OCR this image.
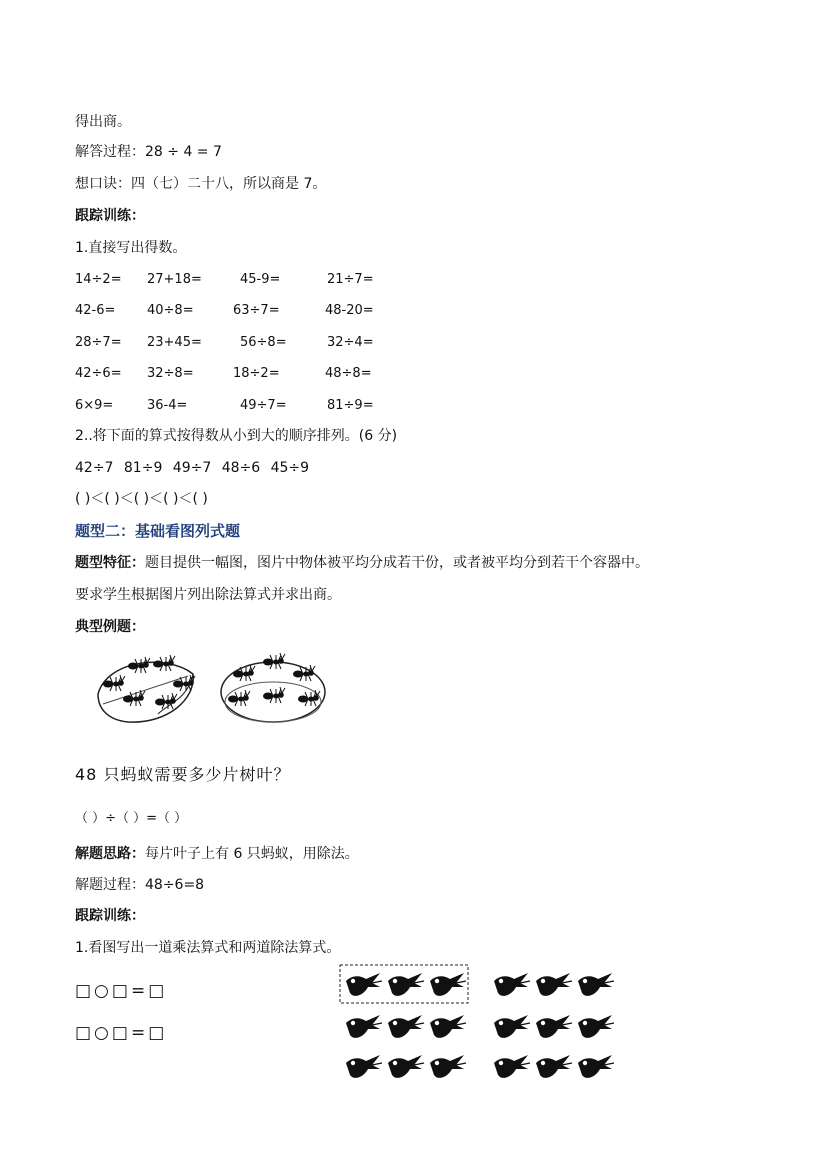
得出商。
解答过程：28 ÷ 4 = 7
想口诀：四（七）二十八，所以商是 7。
跟踪训练：
1.直接写出得数。
14÷2= 27+18=	45-9=	21÷7=
42-6= 40÷8=	63÷7=	48-20=
28÷7= 23+45=	56÷8=	32÷4=
42÷6= 32÷8=	18÷2=	48÷8=
6×9=	36-4=	49÷7=	81÷9=
2..将下面的算式按得数从小到大的顺序排列。(6 分)
42÷7 81÷9 49÷7 48÷6 45÷9
( )＜( )＜( )＜( )＜( )
题型二：基础看图列式题
题型特征：题目提供一幅图，图片中物体被平均分成若干份，或者被平均分到若干个容器中。
要求学生根据图片列出除法算式并求出商。
典型例题：
48 只蚂蚁需要多少片树叶？
（ ）÷（ ）=（ ）
解题思路：每片叶子上有 6 只蚂蚁，用除法。
解题过程：48÷6=8
跟踪训练：
1.看图写出一道乘法算式和两道除法算式。
□○□=□
□○□=□
